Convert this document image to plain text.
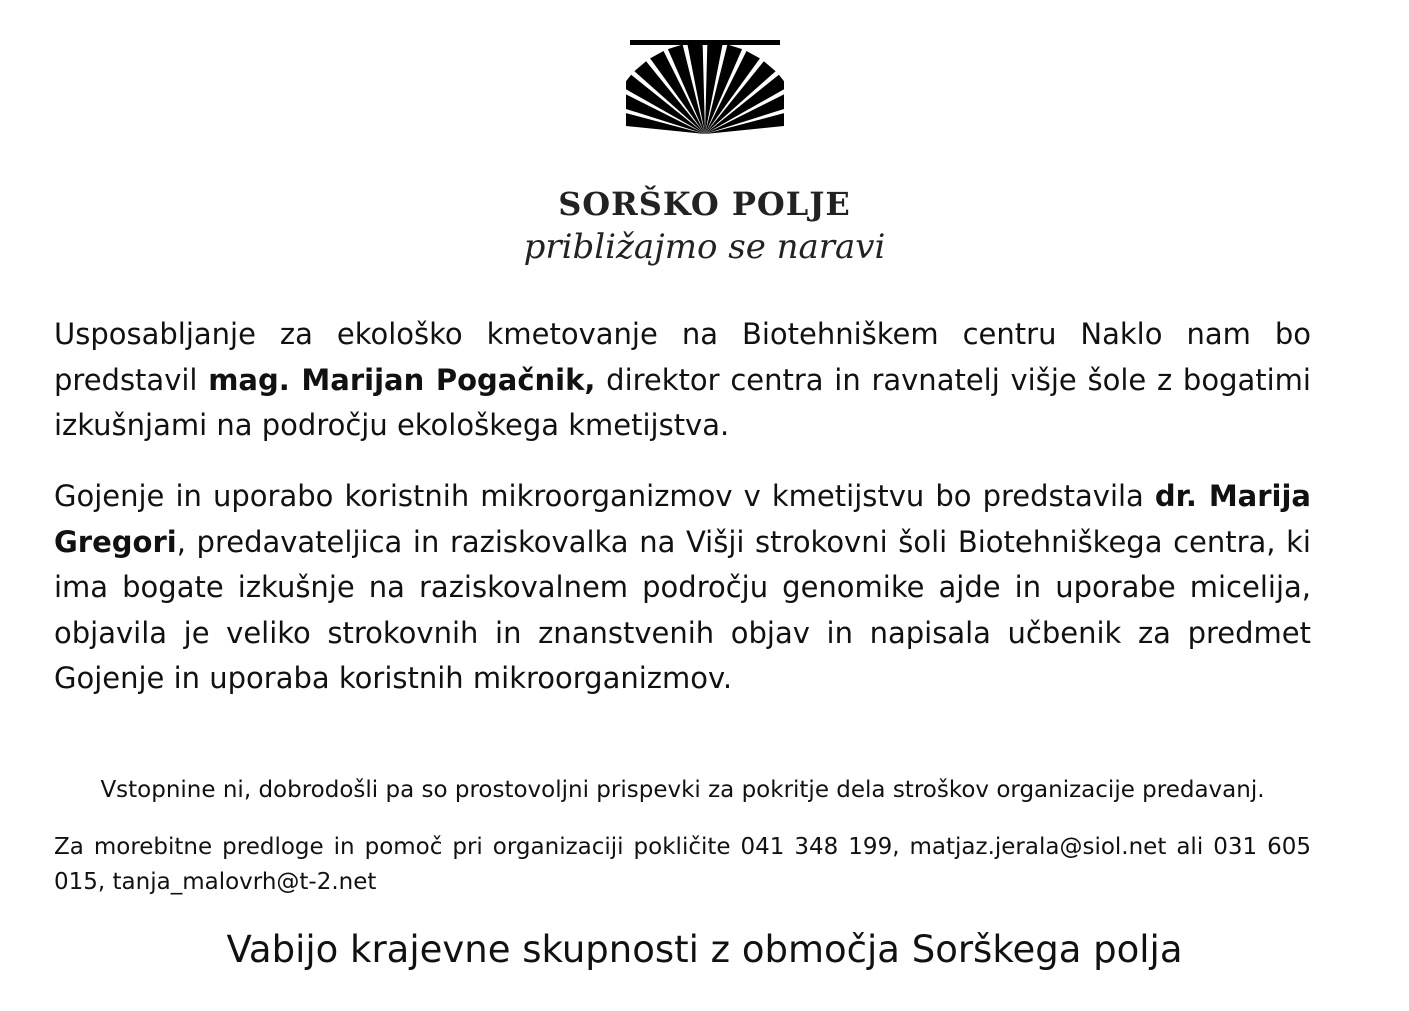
SORŠKO POLJE
približajmo se naravi

Usposabljanje za ekološko kmetovanje na Biotehniškem centru Naklo nam bo predstavil mag. Marijan Pogačnik, direktor centra in ravnatelj višje šole z bogatimi izkušnjami na področju ekološkega kmetijstva.

Gojenje in uporabo koristnih mikroorganizmov v kmetijstvu bo predstavila dr. Marija Gregori, predavateljica in raziskovalka na Višji strokovni šoli Biotehniškega centra, ki ima bogate izkušnje na raziskovalnem področju genomike ajde in uporabe micelija, objavila je veliko strokovnih in znanstvenih objav in napisala učbenik za predmet Gojenje in uporaba koristnih mikroorganizmov.

Vstopnine ni, dobrodošli pa so prostovoljni prispevki za pokritje dela stroškov organizacije predavanj.

Za morebitne predloge in pomoč pri organizaciji pokličite 041 348 199, matjaz.jerala@siol.net ali 031 605 015, tanja_malovrh@t-2.net

Vabijo krajevne skupnosti z območja Sorškega polja
